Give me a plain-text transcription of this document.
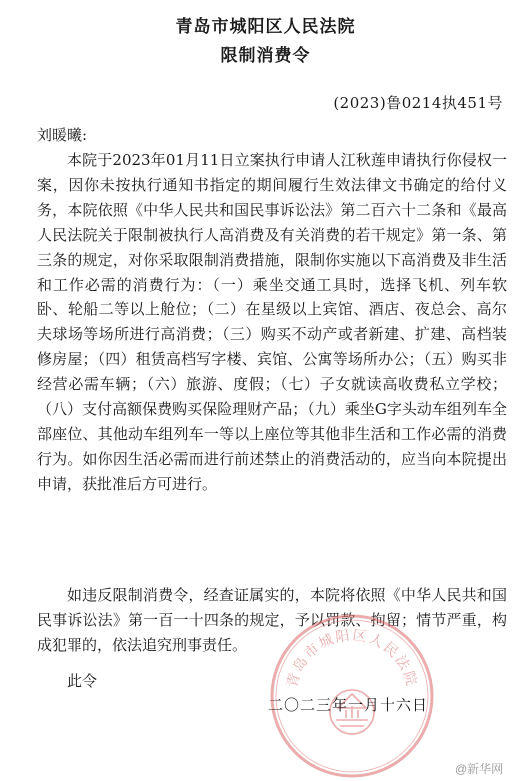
青岛市城阳区人民法院
限制消费令
(2023)鲁0214执451号
刘暖曦:

本院于2023年01月11日立案执行申请人江秋莲申请执行你侵权一案，因你未按执行通知书指定的期间履行生效法律文书确定的给付义务，本院依照《中华人民共和国民事诉讼法》第二百六十二条和《最高人民法院关于限制被执行人高消费及有关消费的若干规定》第一条、第三条的规定，对你采取限制消费措施，限制你实施以下高消费及非生活和工作必需的消费行为：（一）乘坐交通工具时，选择飞机、列车软卧、轮船二等以上舱位；（二）在星级以上宾馆、酒店、夜总会、高尔夫球场等场所进行高消费；（三）购买不动产或者新建、扩建、高档装修房屋；（四）租赁高档写字楼、宾馆、公寓等场所办公；（五）购买非经营必需车辆；（六）旅游、度假；（七）子女就读高收费私立学校；（八）支付高额保费购买保险理财产品；（九）乘坐G字头动车组列车全部座位、其他动车组列车一等以上座位等其他非生活和工作必需的消费行为。如你因生活必需而进行前述禁止的消费活动的，应当向本院提出申请，获批准后方可进行。

如违反限制消费令，经查证属实的，本院将依照《中华人民共和国民事诉讼法》第一百一十四条的规定，予以罚款、拘留；情节严重，构成犯罪的，依法追究刑事责任。

此令	青岛市城阳区人民法院
二〇二三年一月十六日
@新华网
